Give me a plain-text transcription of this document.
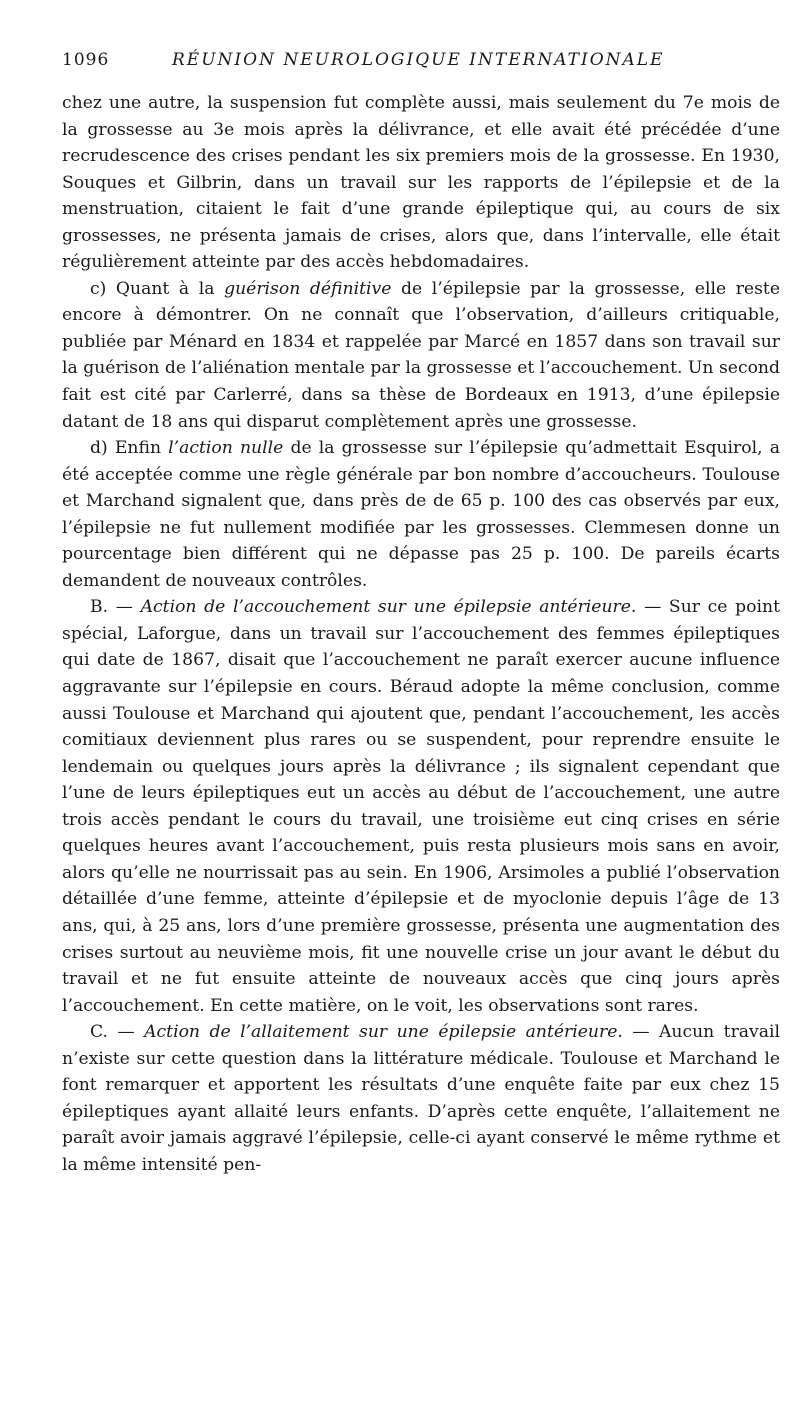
1096	RÉUNION NEUROLOGIQUE INTERNATIONALE

chez une autre, la suspension fut complète aussi, mais seulement du 7e mois de la grossesse au 3e mois après la délivrance, et elle avait été précédée d’une recrudescence des crises pendant les six premiers mois de la grossesse. En 1930, Souques et Gilbrin, dans un travail sur les rapports de l’épilepsie et de la menstruation, citaient le fait d’une grande épileptique qui, au cours de six grossesses, ne présenta jamais de crises, alors que, dans l’intervalle, elle était régulièrement atteinte par des accès hebdomadaires.

c) Quant à la guérison définitive de l’épilepsie par la grossesse, elle reste encore à démontrer. On ne connaît que l’observation, d’ailleurs critiquable, publiée par Ménard en 1834 et rappelée par Marcé en 1857 dans son travail sur la guérison de l’aliénation mentale par la grossesse et l’accouchement. Un second fait est cité par Carlerré, dans sa thèse de Bordeaux en 1913, d’une épilepsie datant de 18 ans qui disparut complètement après une grossesse.

d) Enfin l’action nulle de la grossesse sur l’épilepsie qu’admettait Esquirol, a été acceptée comme une règle générale par bon nombre d’accoucheurs. Toulouse et Marchand signalent que, dans près de de 65 p. 100 des cas observés par eux, l’épilepsie ne fut nullement modifiée par les grossesses. Clemmesen donne un pourcentage bien différent qui ne dépasse pas 25 p. 100. De pareils écarts demandent de nouveaux contrôles.

B. — Action de l’accouchement sur une épilepsie antérieure. — Sur ce point spécial, Laforgue, dans un travail sur l’accouchement des femmes épileptiques qui date de 1867, disait que l’accouchement ne paraît exercer aucune influence aggravante sur l’épilepsie en cours. Béraud adopte la même conclusion, comme aussi Toulouse et Marchand qui ajoutent que, pendant l’accouchement, les accès comitiaux deviennent plus rares ou se suspendent, pour reprendre ensuite le lendemain ou quelques jours après la délivrance ; ils signalent cependant que l’une de leurs épileptiques eut un accès au début de l’accouchement, une autre trois accès pendant le cours du travail, une troisième eut cinq crises en série quelques heures avant l’accouchement, puis resta plusieurs mois sans en avoir, alors qu’elle ne nourrissait pas au sein. En 1906, Arsimoles a publié l’observation détaillée d’une femme, atteinte d’épilepsie et de myoclonie depuis l’âge de 13 ans, qui, à 25 ans, lors d’une première grossesse, présenta une augmentation des crises surtout au neuvième mois, fit une nouvelle crise un jour avant le début du travail et ne fut ensuite atteinte de nouveaux accès que cinq jours après l’accouchement. En cette matière, on le voit, les observations sont rares.

C. — Action de l’allaitement sur une épilepsie antérieure. — Aucun travail n’existe sur cette question dans la littérature médicale. Toulouse et Marchand le font remarquer et apportent les résultats d’une enquête faite par eux chez 15 épileptiques ayant allaité leurs enfants. D’après cette enquête, l’allaitement ne paraît avoir jamais aggravé l’épilepsie, celle-ci ayant conservé le même rythme et la même intensité pen-
